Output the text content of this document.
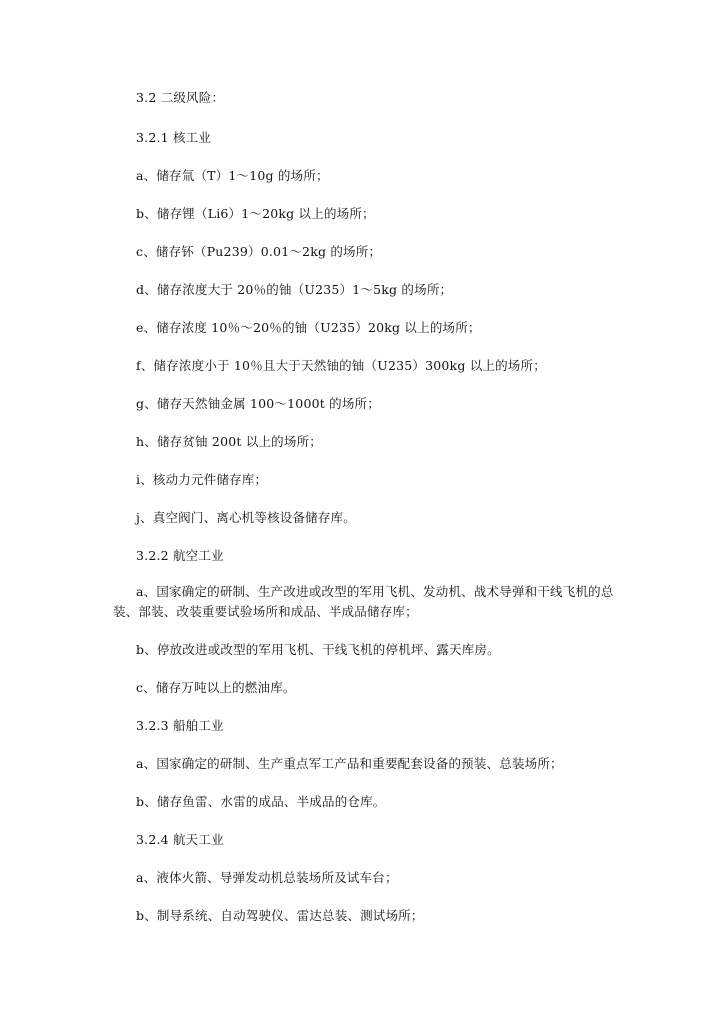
3.2 二级风险：
3.2.1 核工业
a、储存氚（T）1～10g 的场所；
b、储存锂（Li6）1～20kg 以上的场所；
c、储存钚（Pu239）0.01～2kg 的场所；
d、储存浓度大于 20％的铀（U235）1～5kg 的场所；
e、储存浓度 10％～20％的铀（U235）20kg 以上的场所；
f、储存浓度小于 10％且大于天然铀的铀（U235）300kg 以上的场所；
g、储存天然铀金属 100～1000t 的场所；
h、储存贫铀 200t 以上的场所；
i、核动力元件储存库；
j、真空阀门、离心机等核设备储存库。
3.2.2 航空工业
a、国家确定的研制、生产改进或改型的军用飞机、发动机、战术导弹和干线飞机的总
装、部装、改装重要试验场所和成品、半成品储存库；
b、停放改进或改型的军用飞机、干线飞机的停机坪、露天库房。
c、储存万吨以上的燃油库。
3.2.3 船舶工业
a、国家确定的研制、生产重点军工产品和重要配套设备的预装、总装场所；
b、储存鱼雷、水雷的成品、半成品的仓库。
3.2.4 航天工业
a、液体火箭、导弹发动机总装场所及试车台；
b、制导系统、自动驾驶仪、雷达总装、测试场所；
